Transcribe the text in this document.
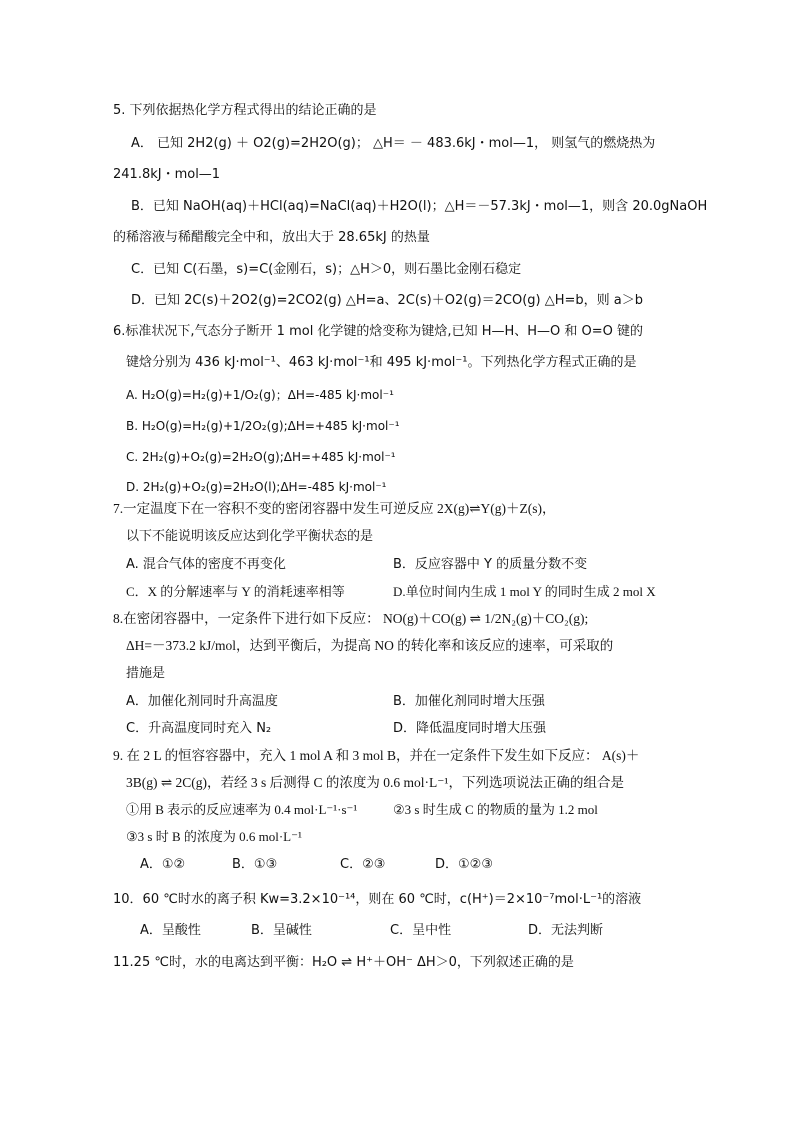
5. 下列依据热化学方程式得出的结论正确的是
A． 已知 2H2(g) ＋ O2(g)=2H2O(g)； △H＝ － 483.6kJ・mol—1， 则氢气的燃烧热为
241.8kJ・mol—1
B．已知 NaOH(aq)＋HCl(aq)=NaCl(aq)＋H2O(l)；△H＝－57.3kJ・mol—1，则含 20.0gNaOH
的稀溶液与稀醋酸完全中和，放出大于 28.65kJ 的热量
C．已知 C(石墨，s)=C(金刚石，s)；△H＞0，则石墨比金刚石稳定
D．已知 2C(s)＋2O2(g)=2CO2(g) △H=a、2C(s)＋O2(g)＝2CO(g) △H=b，则 a＞b
6.标准状况下,气态分子断开 1 mol 化学键的焓变称为键焓,已知 H—H、H—O 和 O=O 键的
键焓分别为 436 kJ·mol⁻¹、463 kJ·mol⁻¹和 495 kJ·mol⁻¹。下列热化学方程式正确的是
A. H₂O(g)=H₂(g)+1/O₂(g)；ΔH=-485 kJ·mol⁻¹
B. H₂O(g)=H₂(g)+1/2O₂(g);ΔH=+485 kJ·mol⁻¹
C. 2H₂(g)+O₂(g)=2H₂O(g);ΔH=+485 kJ·mol⁻¹
D. 2H₂(g)+O₂(g)=2H₂O(l);ΔH=-485 kJ·mol⁻¹
7.一定温度下在一容积不变的密闭容器中发生可逆反应 2X(g)⇌Y(g)＋Z(s)，
以下不能说明该反应达到化学平衡状态的是
A. 混合气体的密度不再变化	B．反应容器中 Y 的质量分数不变
C．X 的分解速率与 Y 的消耗速率相等	D.单位时间内生成 1 mol Y 的同时生成 2 mol X
8.在密闭容器中，一定条件下进行如下反应： NO(g)＋CO(g) ⇌ 1/2N₂(g)＋CO₂(g);
ΔH=－373.2 kJ/mol，达到平衡后，为提高 NO 的转化率和该反应的速率，可采取的
措施是
A．加催化剂同时升高温度	B．加催化剂同时增大压强
C．升高温度同时充入 N₂	D．降低温度同时增大压强
9. 在 2 L 的恒容容器中，充入 1 mol A 和 3 mol B，并在一定条件下发生如下反应： A(s)＋
3B(g) ⇌ 2C(g)，若经 3 s 后测得 C 的浓度为 0.6 mol·L⁻¹，下列选项说法正确的组合是
①用 B 表示的反应速率为 0.4 mol·L⁻¹·s⁻¹	②3 s 时生成 C 的物质的量为 1.2 mol
③3 s 时 B 的浓度为 0.6 mol·L⁻¹
A．①②	B．①③	C．②③	D．①②③
10．60 ℃时水的离子积 Kw=3.2×10⁻¹⁴，则在 60 ℃时，c(H⁺)＝2×10⁻⁷mol·L⁻¹的溶液
A．呈酸性	B．呈碱性	C．呈中性	D．无法判断
11.25 ℃时，水的电离达到平衡：H₂O ⇌ H⁺＋OH⁻ ΔH＞0，下列叙述正确的是
